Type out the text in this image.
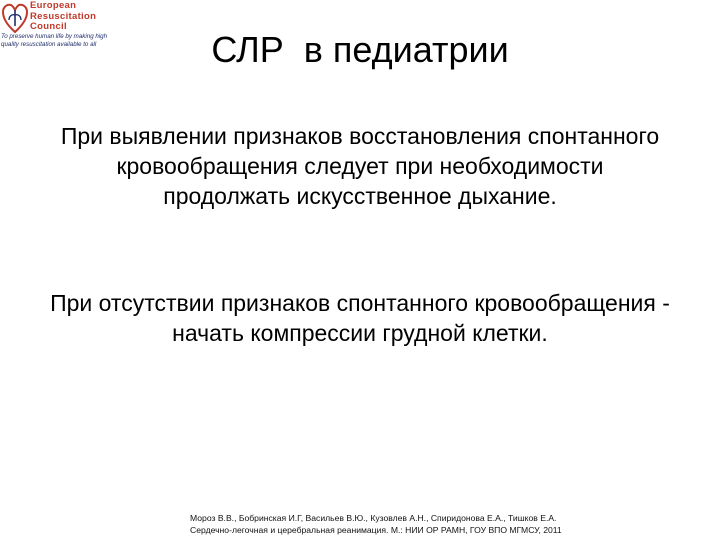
European
Resuscitation
Council
To preserve human life by making high quality resuscitation available to all	СЛР  в педиатрии
При выявлении признаков восстановления спонтанного кровообращения следует при необходимости продолжать искусственное дыхание.
При отсутствии признаков спонтанного кровообращения - начать компрессии грудной клетки.
Мороз В.В., Бобринская И.Г, Васильев В.Ю., Кузовлев А.Н., Спиридонова Е.А., Тишков Е.А.
Сердечно-легочная и церебральная реанимация. М.: НИИ ОР РАМН, ГОУ ВПО МГМСУ, 2011
